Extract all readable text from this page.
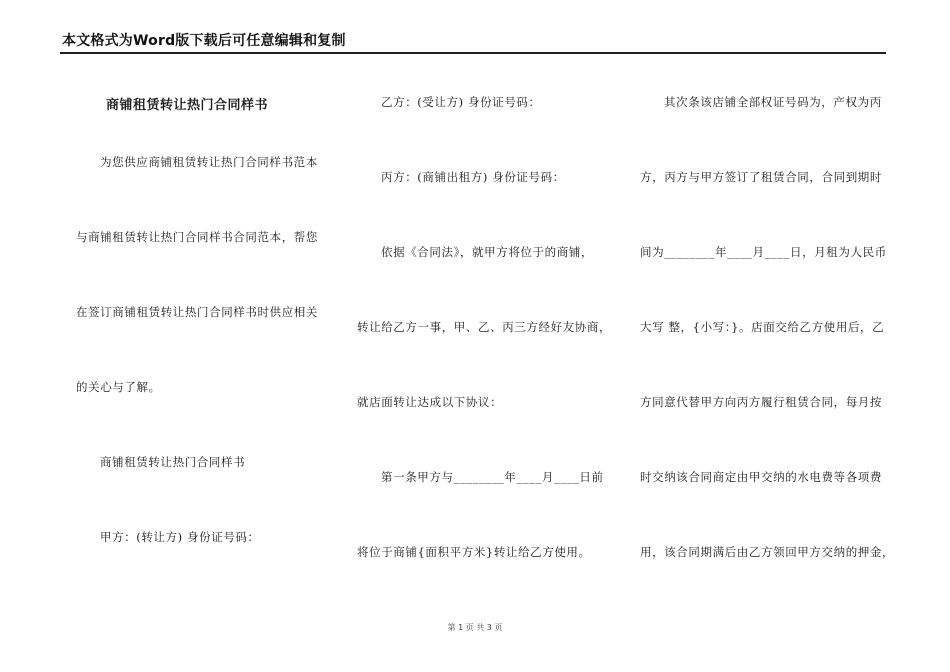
本文格式为Word版下载后可任意编辑和复制
商铺租赁转让热门合同样书
为您供应商铺租赁转让热门合同样书范本
与商铺租赁转让热门合同样书合同范本，帮您
在签订商铺租赁转让热门合同样书时供应相关
的关心与了解。
商铺租赁转让热门合同样书
甲方：(转让方) 身份证号码：
乙方：(受让方) 身份证号码：
丙方：(商铺出租方) 身份证号码：
依据《合同法》，就甲方将位于的商铺，
转让给乙方一事，甲、乙、丙三方经好友协商，
就店面转让达成以下协议：
第一条甲方与________年____月____日前
将位于商铺{面积平方米}转让给乙方使用。
其次条该店铺全部权证号码为，产权为丙
方，丙方与甲方签订了租赁合同，合同到期时
间为________年____月____日，月租为人民币
大写 整，{小写：}。店面交给乙方使用后，乙
方同意代替甲方向丙方履行租赁合同，每月按
时交纳该合同商定由甲交纳的水电费等各项费
用，该合同期满后由乙方领回甲方交纳的押金，
第 1 页 共 3 页
